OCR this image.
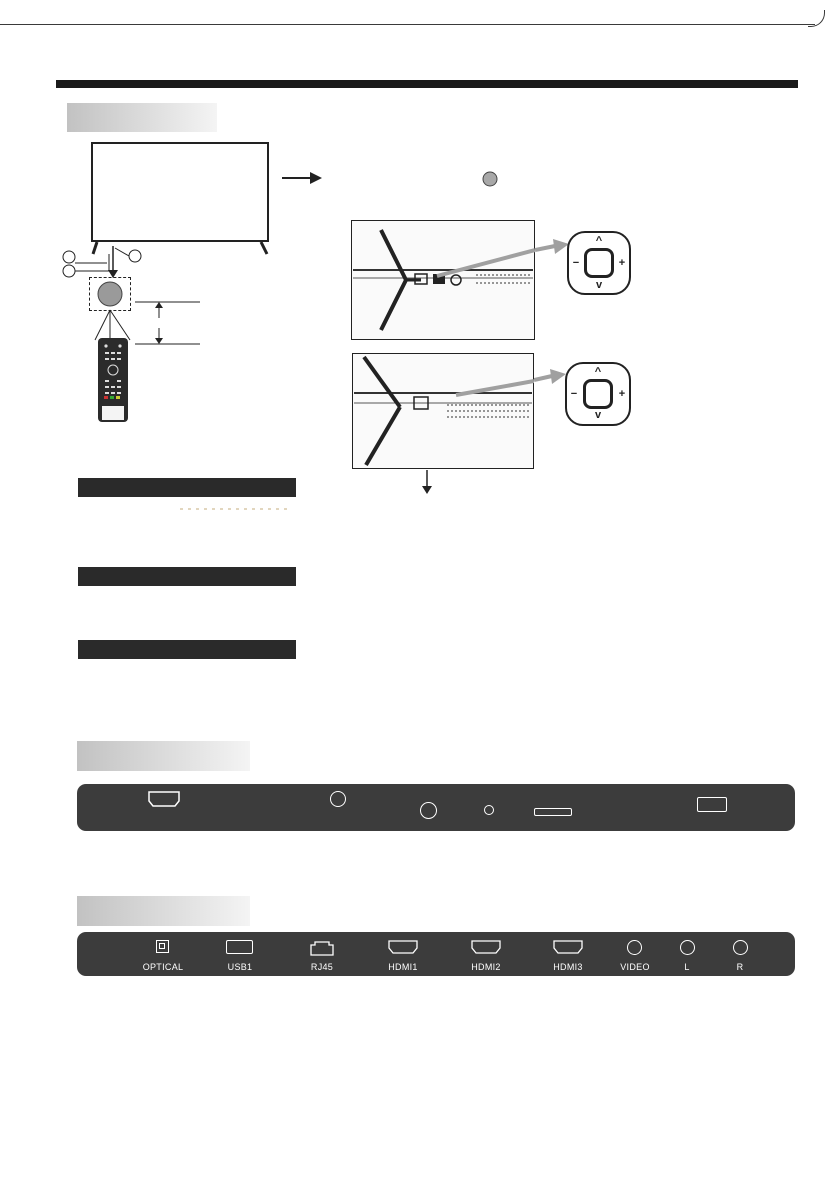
^
v
−	+
^
v
−	+
OPTICAL	USB1	RJ45	HDMI1	HDMI2	HDMI3	VIDEO	L	R
